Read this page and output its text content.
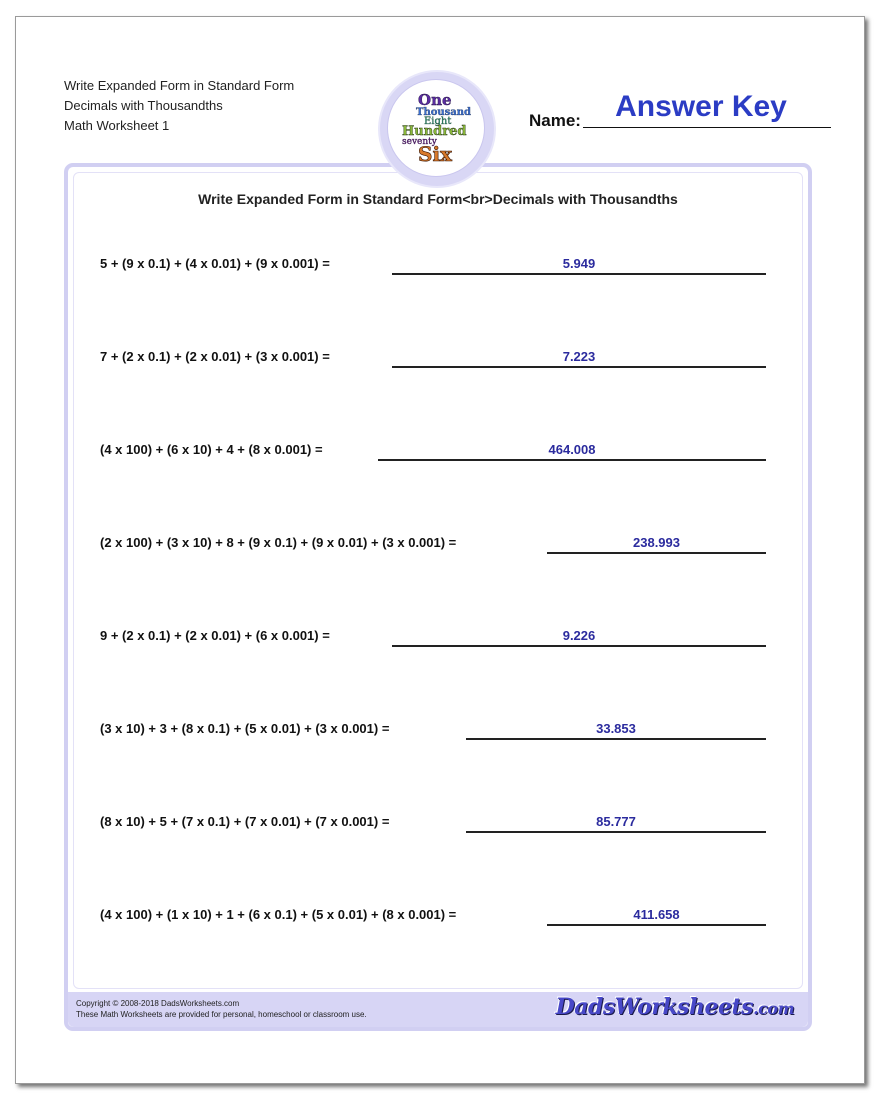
Write Expanded Form in Standard Form
Decimals with Thousandths
Math Worksheet 1
One
Thousand
Eight
Hundred
seventy
Six
Name:	Answer Key
Write Expanded Form in Standard Form<br>Decimals with Thousandths
5 + (9 x 0.1) + (4 x 0.01) + (9 x 0.001) =	5.949
7 + (2 x 0.1) + (2 x 0.01) + (3 x 0.001) =	7.223
(4 x 100) + (6 x 10) + 4 + (8 x 0.001) =	464.008
(2 x 100) + (3 x 10) + 8 + (9 x 0.1) + (9 x 0.01) + (3 x 0.001) =	238.993
9 + (2 x 0.1) + (2 x 0.01) + (6 x 0.001) =	9.226
(3 x 10) + 3 + (8 x 0.1) + (5 x 0.01) + (3 x 0.001) =	33.853
(8 x 10) + 5 + (7 x 0.1) + (7 x 0.01) + (7 x 0.001) =	85.777
(4 x 100) + (1 x 10) + 1 + (6 x 0.1) + (5 x 0.01) + (8 x 0.001) =	411.658
Copyright © 2008-2018 DadsWorksheets.com
These Math Worksheets are provided for personal, homeschool or classroom use.	DadsWorksheets.com
